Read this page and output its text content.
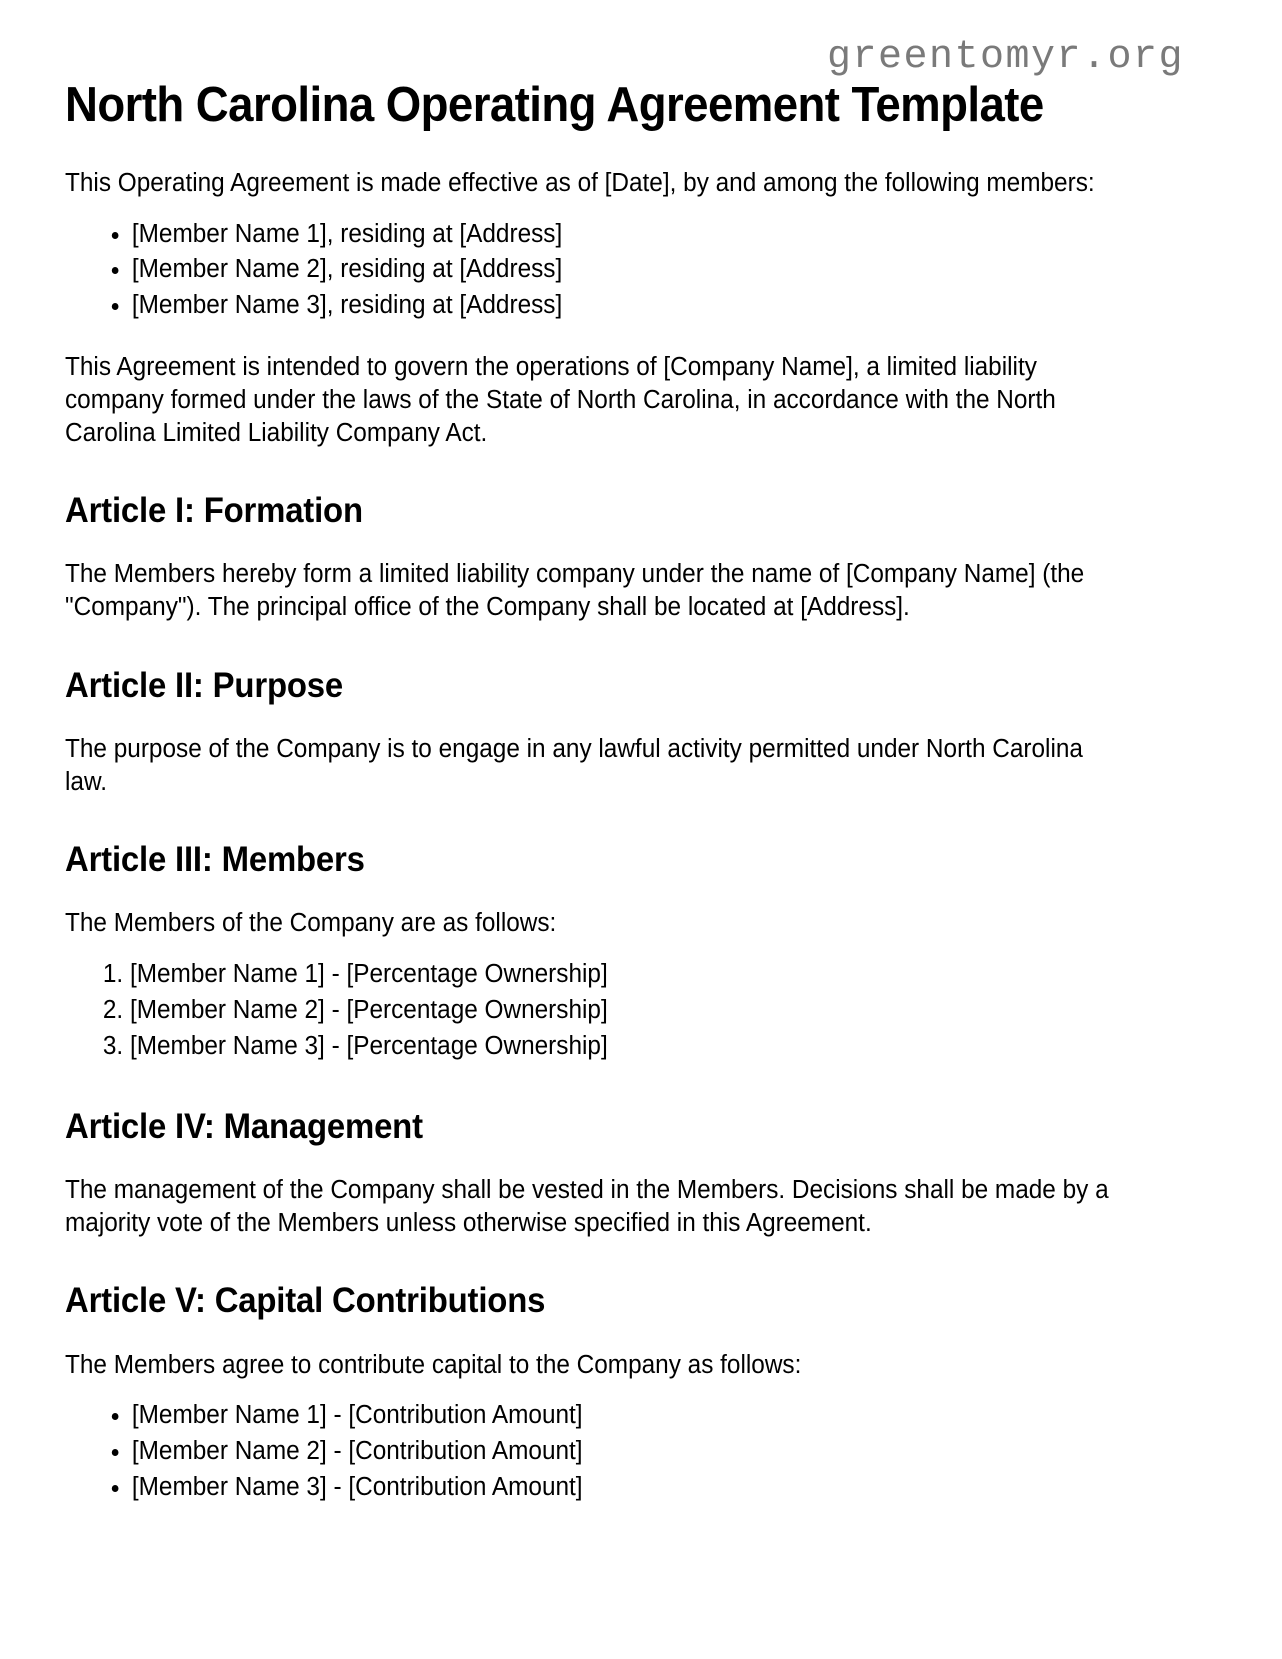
greentomyr.org
North Carolina Operating Agreement Template

This Operating Agreement is made effective as of [Date], by and among the following members:

• [Member Name 1], residing at [Address]
• [Member Name 2], residing at [Address]
• [Member Name 3], residing at [Address]

This Agreement is intended to govern the operations of [Company Name], a limited liability company formed under the laws of the State of North Carolina, in accordance with the North Carolina Limited Liability Company Act.

Article I: Formation

The Members hereby form a limited liability company under the name of [Company Name] (the "Company"). The principal office of the Company shall be located at [Address].

Article II: Purpose

The purpose of the Company is to engage in any lawful activity permitted under North Carolina law.

Article III: Members

The Members of the Company are as follows:

1. [Member Name 1] - [Percentage Ownership]
2. [Member Name 2] - [Percentage Ownership]
3. [Member Name 3] - [Percentage Ownership]
Article IV: Management

The management of the Company shall be vested in the Members. Decisions shall be made by a majority vote of the Members unless otherwise specified in this Agreement.

Article V: Capital Contributions

The Members agree to contribute capital to the Company as follows:

• [Member Name 1] - [Contribution Amount]
• [Member Name 2] - [Contribution Amount]
• [Member Name 3] - [Contribution Amount]
